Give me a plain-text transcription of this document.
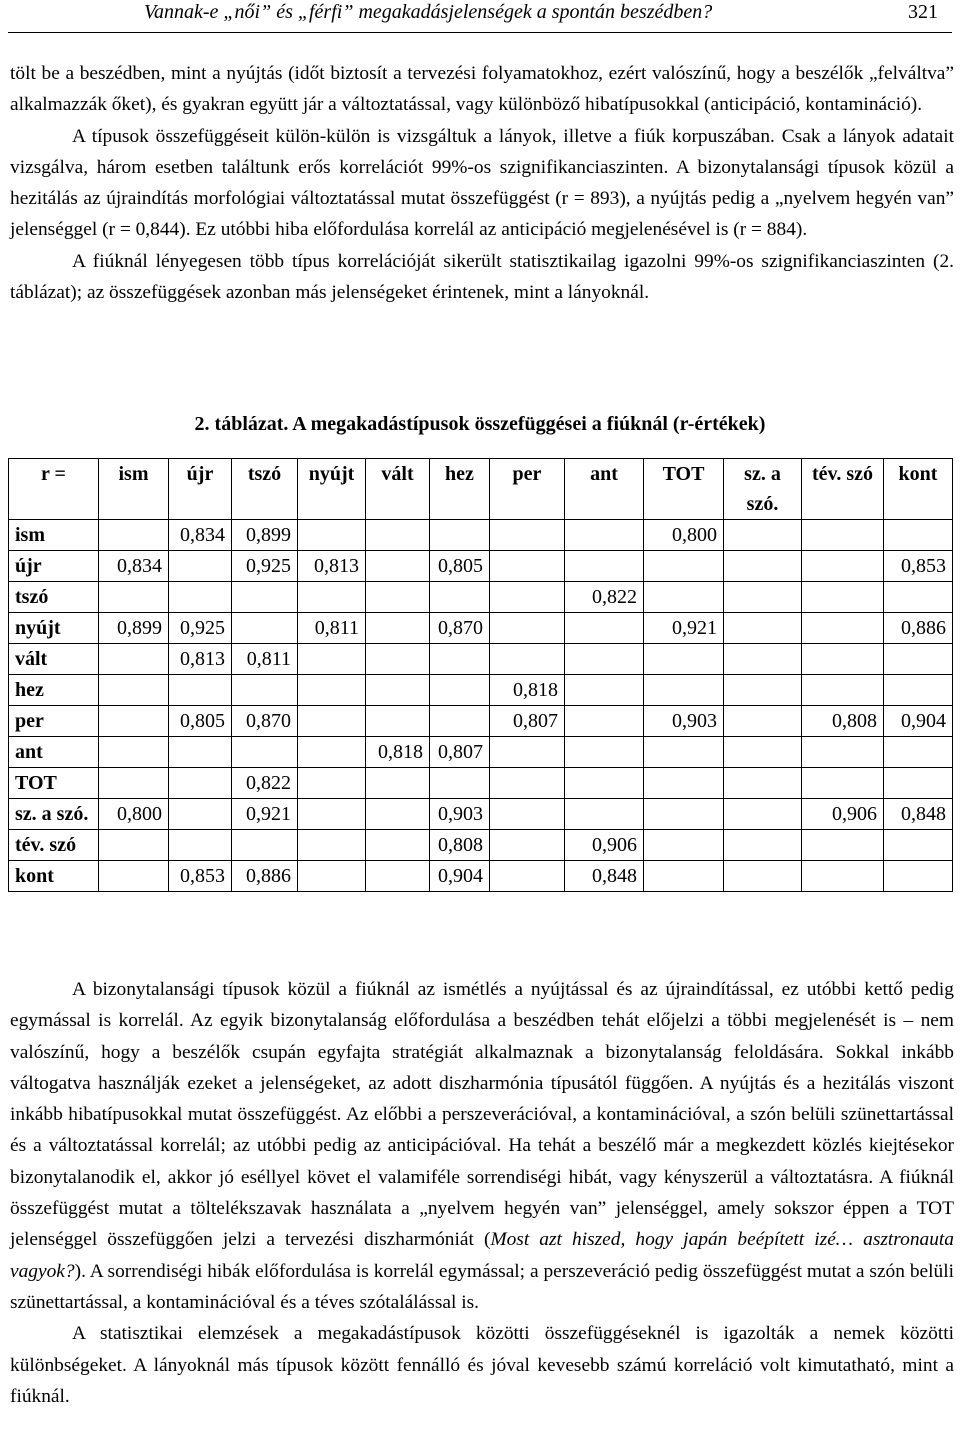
Vannak-e „női” és „férfi” megakadásjelenségek a spontán beszédben?	321

tölt be a beszédben, mint a nyújtás (időt biztosít a tervezési folyamatokhoz, ezért valószínű, hogy a beszélők „felváltva” alkalmazzák őket), és gyakran együtt jár a változtatással, vagy különböző hibatípusokkal (anticipáció, kontamináció).

A típusok összefüggéseit külön-külön is vizsgáltuk a lányok, illetve a fiúk korpuszában. Csak a lányok adatait vizsgálva, három esetben találtunk erős korrelációt 99%-os szignifikanciaszinten. A bizonytalansági típusok közül a hezitálás az újraindítás morfológiai változtatással mutat összefüggést (r = 893), a nyújtás pedig a „nyelvem hegyén van” jelenséggel (r = 0,844). Ez utóbbi hiba előfordulása korrelál az anticipáció megjelenésével is (r = 884).

A fiúknál lényegesen több típus korrelációját sikerült statisztikailag igazolni 99%-os szignifikanciaszinten (2. táblázat); az összefüggések azonban más jelenségeket érintenek, mint a lányoknál.

2. táblázat. A megakadástípusok összefüggései a fiúknál (r-értékek)
r =	ism	újr	tszó	nyújt	vált	hez	per	ant	TOT	sz. a szó.	tév. szó	kont
ism		0,834	0,899						0,800			
újr	0,834		0,925	0,813		0,805						0,853
tszó								0,822				
nyújt	0,899	0,925		0,811		0,870			0,921			0,886
vált		0,813	0,811									
hez							0,818					
per		0,805	0,870				0,807		0,903		0,808	0,904
ant					0,818	0,807						
TOT			0,822									
sz. a szó.	0,800		0,921			0,903					0,906	0,848
tév. szó						0,808		0,906				
kont		0,853	0,886			0,904		0,848				

A bizonytalansági típusok közül a fiúknál az ismétlés a nyújtással és az újraindítással, ez utóbbi kettő pedig egymással is korrelál. Az egyik bizonytalanság előfordulása a beszédben tehát előjelzi a többi megjelenését is – nem valószínű, hogy a beszélők csupán egyfajta stratégiát alkalmaznak a bizonytalanság feloldására. Sokkal inkább váltogatva használják ezeket a jelenségeket, az adott diszharmónia típusától függően. A nyújtás és a hezitálás viszont inkább hibatípusokkal mutat összefüggést. Az előbbi a perszeverációval, a kontaminációval, a szón belüli szünettartással és a változtatással korrelál; az utóbbi pedig az anticipációval. Ha tehát a beszélő már a megkezdett közlés kiejtésekor bizonytalanodik el, akkor jó eséllyel követ el valamiféle sorrendiségi hibát, vagy kényszerül a változtatásra. A fiúknál összefüggést mutat a töltelékszavak használata a „nyelvem hegyén van” jelenséggel, amely sokszor éppen a TOT jelenséggel összefüggően jelzi a tervezési diszharmóniát (Most azt hiszed, hogy japán beépített izé… asztronauta vagyok?). A sorrendiségi hibák előfordulása is korrelál egymással; a perszeveráció pedig összefüggést mutat a szón belüli szünettartással, a kontaminációval és a téves szótalálással is.

A statisztikai elemzések a megakadástípusok közötti összefüggéseknél is igazolták a nemek közötti különbségeket. A lányoknál más típusok között fennálló és jóval kevesebb számú korreláció volt kimutatható, mint a fiúknál.
